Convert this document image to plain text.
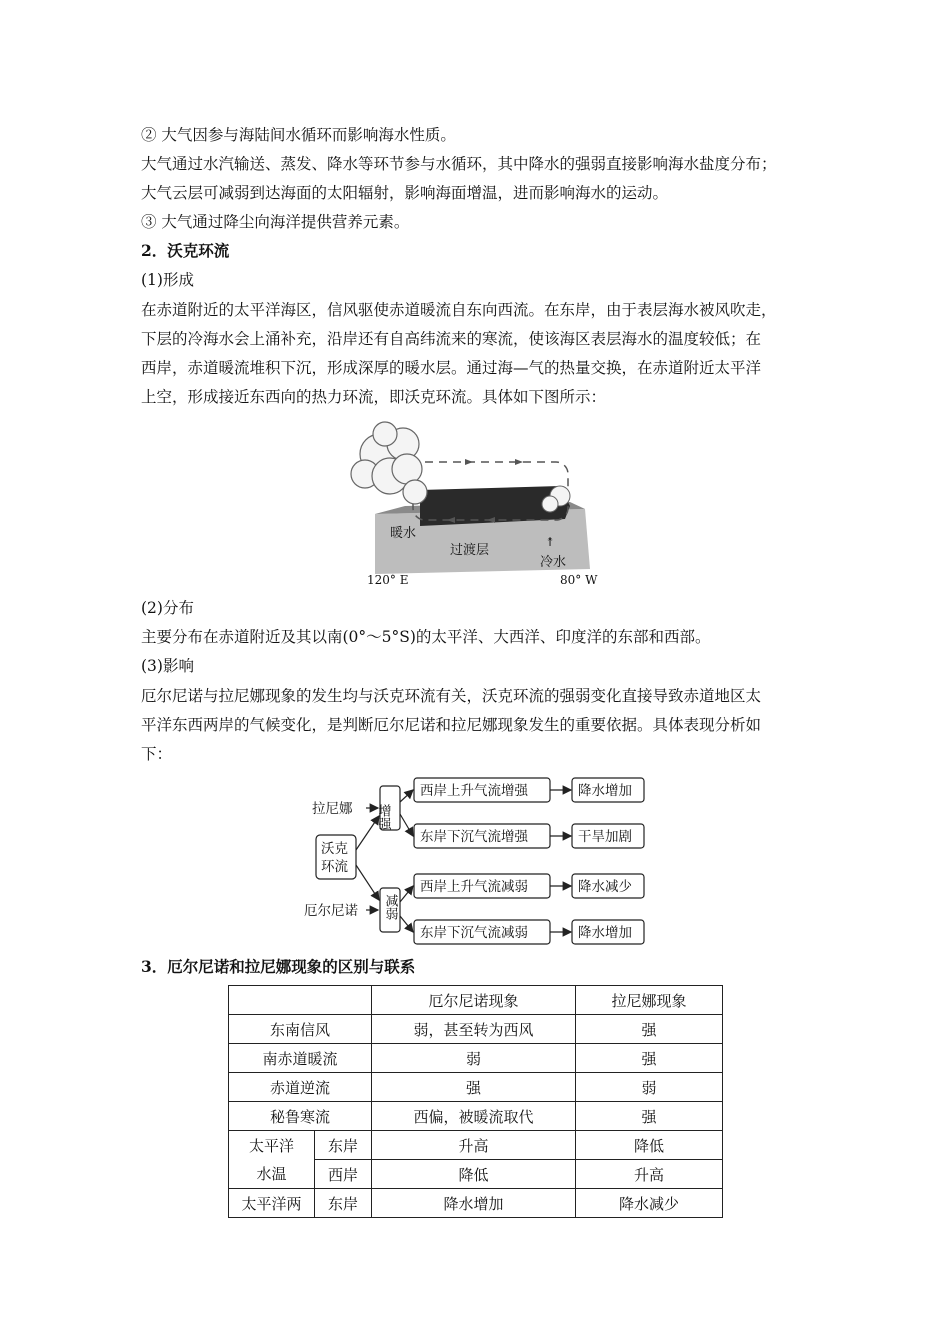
② 大气因参与海陆间水循环而影响海水性质。
大气通过水汽输送、蒸发、降水等环节参与水循环，其中降水的强弱直接影响海水盐度分布；
大气云层可减弱到达海面的太阳辐射，影响海面增温，进而影响海水的运动。
③ 大气通过降尘向海洋提供营养元素。
2．沃克环流
(1)形成
在赤道附近的太平洋海区，信风驱使赤道暖流自东向西流。在东岸，由于表层海水被风吹走，
下层的冷海水会上涌补充，沿岸还有自高纬流来的寒流，使该海区表层海水的温度较低；在
西岸，赤道暖流堆积下沉，形成深厚的暖水层。通过海—气的热量交换，在赤道附近太平洋
上空，形成接近东西向的热力环流，即沃克环流。具体如下图所示：
暖水
过渡层
冷水
↟
120° E	80° W
(2)分布
主要分布在赤道附近及其以南(0°～5°S)的太平洋、大西洋、印度洋的东部和西部。
(3)影响
厄尔尼诺与拉尼娜现象的发生均与沃克环流有关，沃克环流的强弱变化直接导致赤道地区太
平洋东西两岸的气候变化，是判断厄尔尼诺和拉尼娜现象发生的重要依据。具体表现分析如
下：
拉尼娜
厄尔尼诺
沃克 环流
增强
减弱
西岸上升气流增强
东岸下沉气流增强
西岸上升气流减弱
东岸下沉气流减弱
降水增加
干旱加剧
降水减少
降水增加
3．厄尔尼诺和拉尼娜现象的区别与联系
		厄尔尼诺现象	拉尼娜现象
东南信风		弱，甚至转为西风	强
南赤道暖流		弱	强
赤道逆流		强	弱
秘鲁寒流		西偏，被暖流取代	强
太平洋	东岸	升高	降低
水温	西岸	降低	升高
太平洋两	东岸	降水增加	降水减少
